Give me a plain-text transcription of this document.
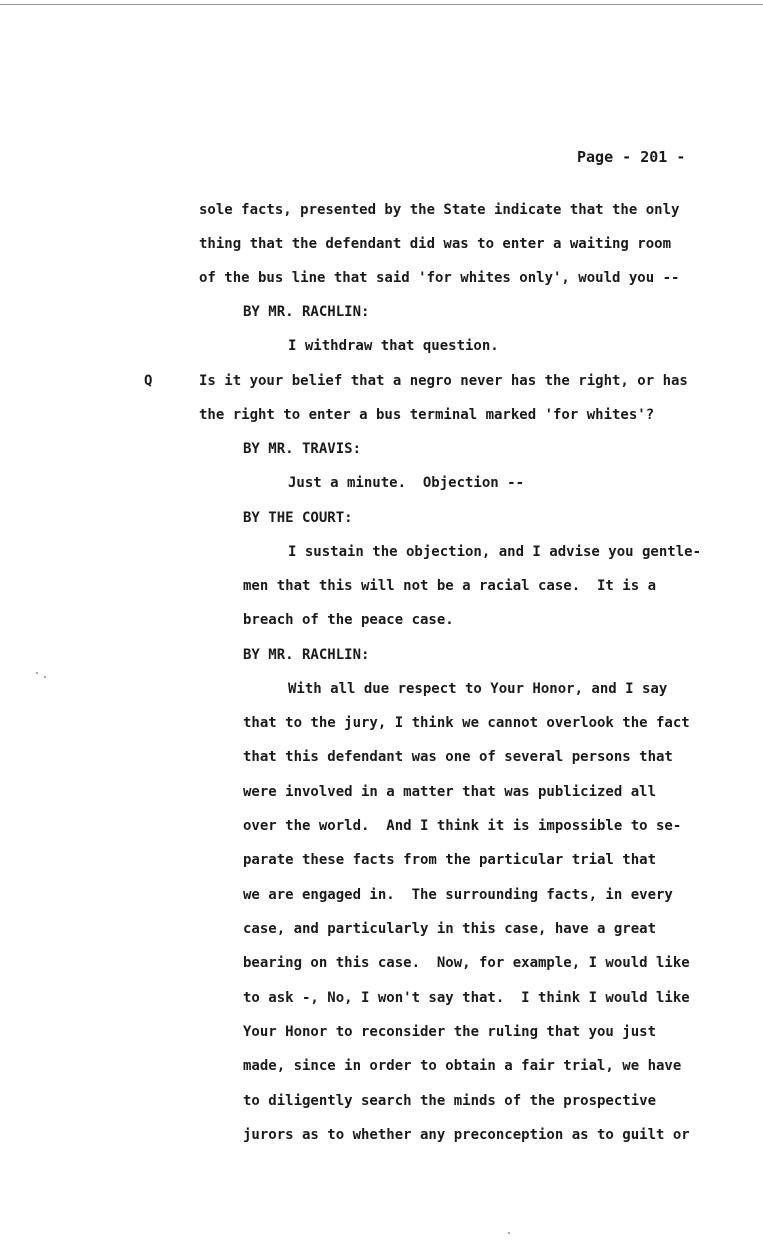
Page - 201 -
Q
sole facts, presented by the State indicate that the only
thing that the defendant did was to enter a waiting room
of the bus line that said 'for whites only', would you --
BY MR. RACHLIN:
I withdraw that question.
Is it your belief that a negro never has the right, or has
the right to enter a bus terminal marked 'for whites'?
BY MR. TRAVIS:
Just a minute.  Objection --
BY THE COURT:
I sustain the objection, and I advise you gentle-
men that this will not be a racial case.  It is a
breach of the peace case.
BY MR. RACHLIN:
With all due respect to Your Honor, and I say
that to the jury, I think we cannot overlook the fact
that this defendant was one of several persons that
were involved in a matter that was publicized all
over the world.  And I think it is impossible to se-
parate these facts from the particular trial that
we are engaged in.  The surrounding facts, in every
case, and particularly in this case, have a great
bearing on this case.  Now, for example, I would like
to ask -, No, I won't say that.  I think I would like
Your Honor to reconsider the ruling that you just
made, since in order to obtain a fair trial, we have
to diligently search the minds of the prospective
jurors as to whether any preconception as to guilt or
